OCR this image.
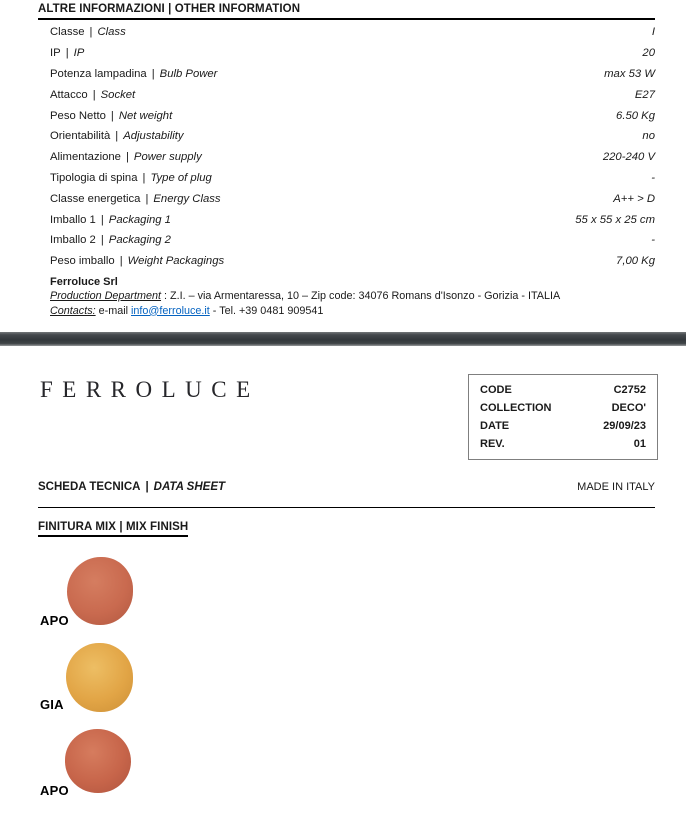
ALTRE INFORMAZIONI | OTHER INFORMATION
Classe | Class	I
IP | IP	20
Potenza lampadina | Bulb Power	max 53 W
Attacco | Socket	E27
Peso Netto | Net weight	6.50 Kg
Orientabilità | Adjustability	no
Alimentazione | Power supply	220-240 V
Tipologia di spina | Type of plug	-
Classe energetica | Energy Class	A++ > D
Imballo 1 | Packaging 1	55 x 55 x 25 cm
Imballo 2 | Packaging 2	-
Peso imballo | Weight Packagings	7,00 Kg
Ferroluce Srl
Production Department : Z.I. – via Armentaressa, 10 – Zip code: 34076 Romans d'Isonzo - Gorizia - ITALIA
Contacts: e-mail info@ferroluce.it - Tel. +39 0481 909541
FERROLUCE	CODE	C2752
COLLECTION	DECO'
DATE	29/09/23
REV.	01
SCHEDA TECNICA | DATA SHEET	MADE IN ITALY
FINITURA MIX | MIX FINISH
APO
GIA
APO
